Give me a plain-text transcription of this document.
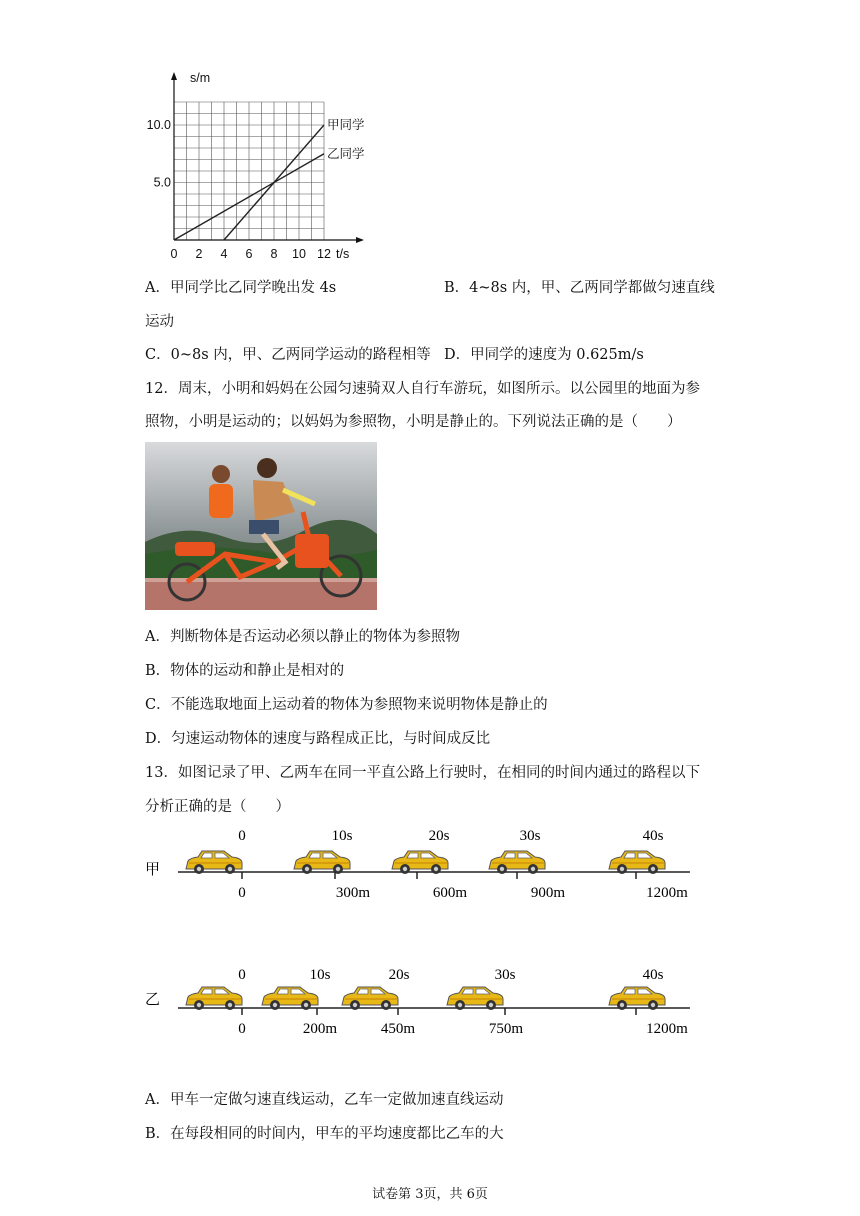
甲同学
乙同学
0 2 4 6 8 10 12
5.0
10.0
s/m
t/s
A．甲同学比乙同学晚出发 4s	B．4~8s 内，甲、乙两同学都做匀速直线
运动
C．0~8s 内，甲、乙两同学运动的路程相等 D．甲同学的速度为 0.625m/s
12．周末，小明和妈妈在公园匀速骑双人自行车游玩，如图所示。以公园里的地面为参
照物，小明是运动的；以妈妈为参照物，小明是静止的。下列说法正确的是（　　）
A．判断物体是否运动必须以静止的物体为参照物
B．物体的运动和静止是相对的
C．不能选取地面上运动着的物体为参照物来说明物体是静止的
D．匀速运动物体的速度与路程成正比，与时间成反比
13．如图记录了甲、乙两车在同一平直公路上行驶时，在相同的时间内通过的路程以下
分析正确的是（　　）
甲
0
0
10s
300m
20s
600m
30s
900m
40s
1200m
乙
0
0
10s
200m
20s
450m
30s
750m
40s
1200m
A．甲车一定做匀速直线运动，乙车一定做加速直线运动
B．在每段相同的时间内，甲车的平均速度都比乙车的大
试卷第 3页，共 6页
